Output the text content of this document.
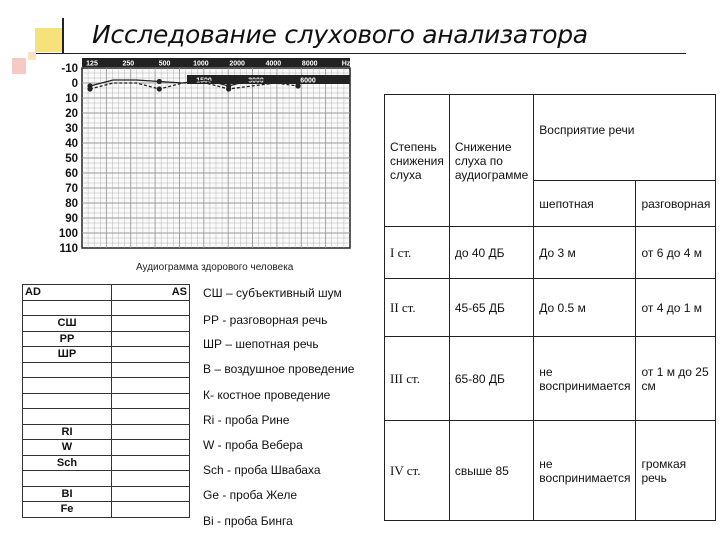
Исследование слухового анализатора
-10
0
10
20
30
40
50
60
70
80
90
100
110
125	250	500	1000	2000	4000	8000	Hz
1500	3000	6000	10000
Аудиограмма здорового человека
AD	AS

СШ	
РР	
ШР	

RI	
W	
Sch	

BI	
Fe	
СШ – субъективный шум
РР - разговорная речь
ШР – шепотная речь
В – воздушное проведение
К- костное проведение
Ri - проба Рине
W - проба Вебера
Sch - проба Швабаха
Ge - проба Желе
Bi - проба Бинга
Степень снижения слуха	Снижение слуха по аудиограмме	Восприятие речи	
		шепотная	разговорная
I ст.	до 40 ДБ	До 3 м	от 6 до 4 м
II ст.	45-65 ДБ	До 0.5 м	от 4 до 1 м
III ст.	65-80 ДБ	не воспринимается	от 1 м до 25 см
IV ст.	свыше 85	не воспринимается	громкая речь
